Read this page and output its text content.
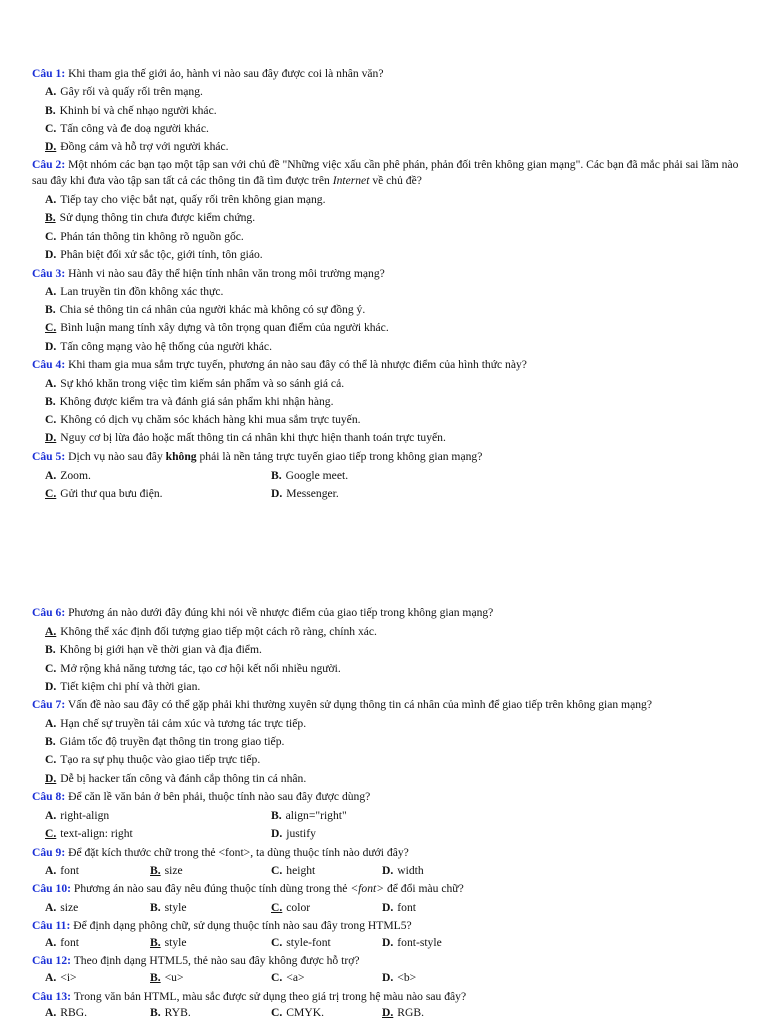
Câu 1: Khi tham gia thế giới ảo, hành vi nào sau đây được coi là nhân văn?
A. Gây rối và quấy rối trên mạng.
B. Khinh bỉ và chế nhạo người khác.
C. Tấn công và đe doạ người khác.
D. Đồng cảm và hỗ trợ với người khác.
Câu 2: Một nhóm các bạn tạo một tập san với chủ đề "Những việc xấu cần phê phán, phản đối trên không gian mạng". Các bạn đã mắc phải sai lầm nào sau đây khi đưa vào tập san tất cả các thông tin đã tìm được trên Internet về chủ đề?
A. Tiếp tay cho việc bắt nạt, quấy rối trên không gian mạng.
B. Sử dụng thông tin chưa được kiểm chứng.
C. Phán tán thông tin không rõ nguồn gốc.
D. Phân biệt đối xử sắc tộc, giới tính, tôn giáo.
Câu 3: Hành vi nào sau đây thể hiện tính nhân văn trong môi trường mạng?
A. Lan truyền tin đồn không xác thực.
B. Chia sẻ thông tin cá nhân của người khác mà không có sự đồng ý.
C. Bình luận mang tính xây dựng và tôn trọng quan điểm của người khác.
D. Tấn công mạng vào hệ thống của người khác.
Câu 4: Khi tham gia mua sắm trực tuyến, phương án nào sau đây có thể là nhược điểm của hình thức này?
A. Sự khó khăn trong việc tìm kiếm sản phẩm và so sánh giá cả.
B. Không được kiểm tra và đánh giá sản phẩm khi nhận hàng.
C. Không có dịch vụ chăm sóc khách hàng khi mua sắm trực tuyến.
D. Nguy cơ bị lừa đảo hoặc mất thông tin cá nhân khi thực hiện thanh toán trực tuyến.
Câu 5: Dịch vụ nào sau đây không phải là nền tảng trực tuyến giao tiếp trong không gian mạng?
A. Zoom.	B. Google meet.
C. Gửi thư qua bưu điện.	D. Messenger.
Câu 6: Phương án nào dưới đây đúng khi nói về nhược điểm của giao tiếp trong không gian mạng?
A. Không thể xác định đối tượng giao tiếp một cách rõ ràng, chính xác.
B. Không bị giới hạn về thời gian và địa điểm.
C. Mở rộng khả năng tương tác, tạo cơ hội kết nối nhiều người.
D. Tiết kiệm chi phí và thời gian.
Câu 7: Vấn đề nào sau đây có thể gặp phải khi thường xuyên sử dụng thông tin cá nhân của mình để giao tiếp trên không gian mạng?
A. Hạn chế sự truyền tải cảm xúc và tương tác trực tiếp.
B. Giảm tốc độ truyền đạt thông tin trong giao tiếp.
C. Tạo ra sự phụ thuộc vào giao tiếp trực tiếp.
D. Dễ bị hacker tấn công và đánh cắp thông tin cá nhân.
Câu 8: Để căn lề văn bản ở bên phải, thuộc tính nào sau đây được dùng?
A. right-align	B. align="right"
C. text-align: right	D. justify
Câu 9: Để đặt kích thước chữ trong thẻ <font>, ta dùng thuộc tính nào dưới đây?
A. font	B. size	C. height	D. width
Câu 10: Phương án nào sau đây nêu đúng thuộc tính dùng trong thẻ <font> để đổi màu chữ?
A. size	B. style	C. color	D. font
Câu 11: Để định dạng phông chữ, sử dụng thuộc tính nào sau đây trong HTML5?
A. font	B. style	C. style-font	D. font-style
Câu 12: Theo định dạng HTML5, thẻ nào sau đây không được hỗ trợ?
A. <i>	B. <u>	C. <a>	D. <b>
Câu 13: Trong văn bản HTML, màu sắc được sử dụng theo giá trị trong hệ màu nào sau đây?
A. RBG.	B. RYB.	C. CMYK.	D. RGB.
